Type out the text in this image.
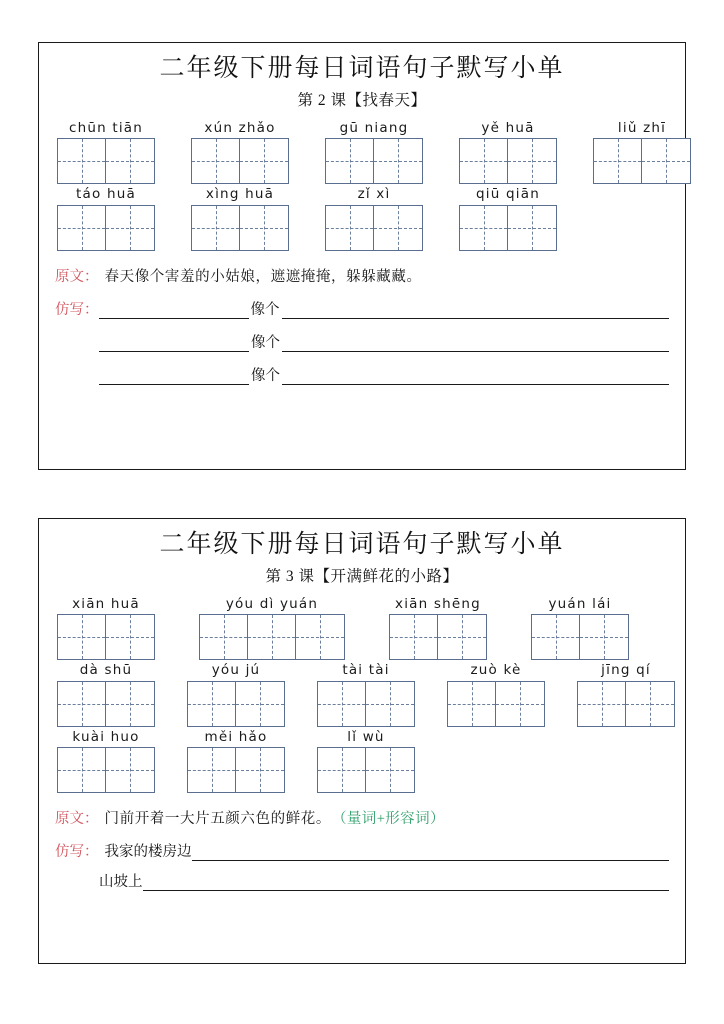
二年级下册每日词语句子默写小单
第 2 课【找春天】
chūn tiān	xún zhǎo	gū niang	yě huā	liǔ zhī
táo huā	xìng huā	zǐ xì	qiū qiān
原文： 春天像个害羞的小姑娘，遮遮掩掩，躲躲藏藏。
仿写：	像个
像个
像个
二年级下册每日词语句子默写小单
第 3 课【开满鲜花的小路】
xiān huā	yóu dì yuán	xiān shēng	yuán lái
dà shū	yóu jú	tài tài	zuò kè	jīng qí
kuài huo	měi hǎo	lǐ wù
原文： 门前开着一大片五颜六色的鲜花。 （量词+形容词）
仿写： 我家的楼房边
山坡上
